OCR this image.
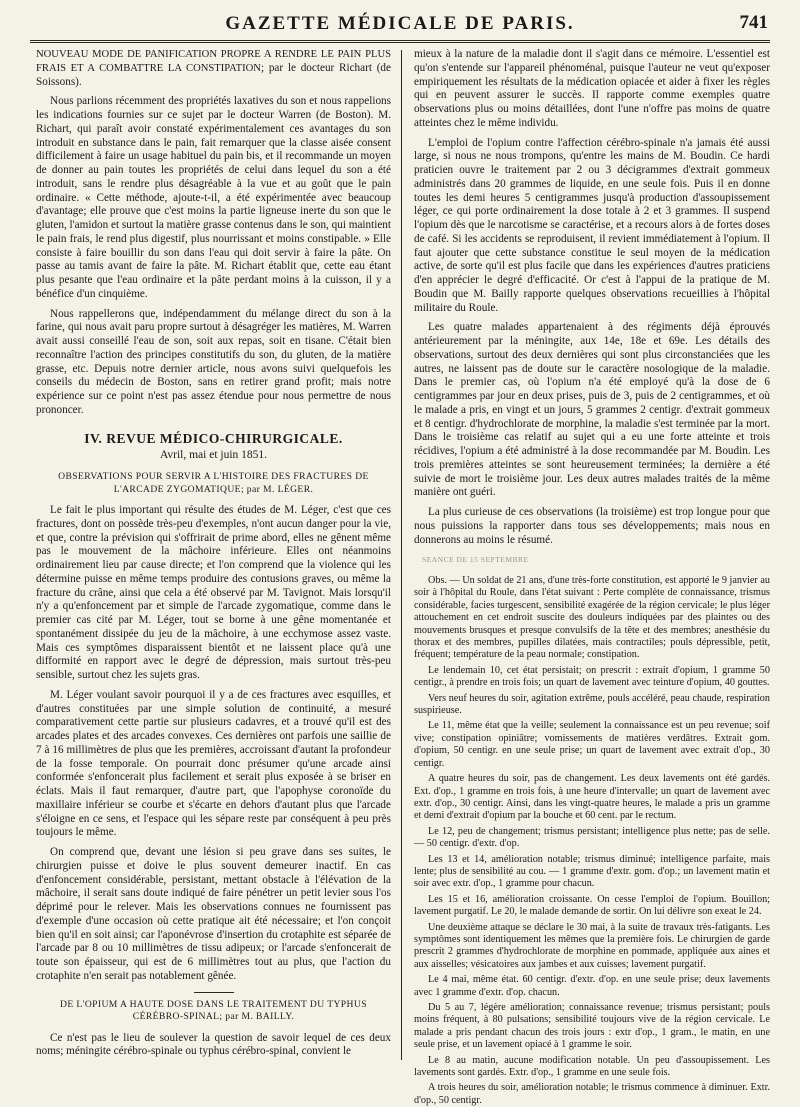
GAZETTE MÉDICALE DE PARIS.	741

NOUVEAU MODE DE PANIFICATION PROPRE A RENDRE LE PAIN PLUS FRAIS ET A COMBATTRE LA CONSTIPATION; par le docteur Richart (de Soissons).

Nous parlions récemment des propriétés laxatives du son et nous rappelions les indications fournies sur ce sujet par le docteur Warren (de Boston). M. Richart, qui paraît avoir constaté expérimentalement ces avantages du son introduit en substance dans le pain, fait remarquer que la classe aisée consent difficilement à faire un usage habituel du pain bis, et il recommande un moyen de donner au pain toutes les propriétés de celui dans lequel du son a été introduit, sans le rendre plus désagréable à la vue et au goût que le pain ordinaire. « Cette méthode, ajoute-t-il, a été expérimentée avec beaucoup d'avantage; elle prouve que c'est moins la partie ligneuse inerte du son que le gluten, l'amidon et surtout la matière grasse contenus dans le son, qui maintient le pain frais, le rend plus digestif, plus nourrissant et moins constipable. » Elle consiste à faire bouillir du son dans l'eau qui doit servir à faire la pâte. On passe au tamis avant de faire la pâte. M. Richart établit que, cette eau étant plus pesante que l'eau ordinaire et la pâte perdant moins à la cuisson, il y a bénéfice d'un cinquième.

Nous rappellerons que, indépendamment du mélange direct du son à la farine, qui nous avait paru propre surtout à désagréger les matières, M. Warren avait aussi conseillé l'eau de son, soit aux repas, soit en tisane. C'était bien reconnaître l'action des principes constitutifs du son, du gluten, de la matière grasse, etc. Depuis notre dernier article, nous avons suivi quelquefois les conseils du médecin de Boston, sans en retirer grand profit; mais notre expérience sur ce point n'est pas assez étendue pour nous permettre de nous prononcer.

IV. REVUE MÉDICO-CHIRURGICALE.
Avril, mai et juin 1851.
OBSERVATIONS POUR SERVIR A L'HISTOIRE DES FRACTURES DE L'ARCADE ZYGOMATIQUE; par M. LÉGER.

Le fait le plus important qui résulte des études de M. Léger, c'est que ces fractures, dont on possède très-peu d'exemples, n'ont aucun danger pour la vie, et que, contre la prévision qui s'offrirait de prime abord, elles ne gênent même pas le mouvement de la mâchoire inférieure. Elles ont néanmoins ordinairement lieu par cause directe; et l'on comprend que la violence qui les détermine puisse en même temps produire des contusions graves, ou même la fracture du crâne, ainsi que cela a été observé par M. Tavignot. Mais lorsqu'il n'y a qu'enfoncement par et simple de l'arcade zygomatique, comme dans le premier cas cité par M. Léger, tout se borne à une gêne momentanée et spontanément dissipée du jeu de la mâchoire, à une ecchymose assez vaste. Mais ces symptômes disparaissent bientôt et ne laissent place qu'à une difformité en rapport avec le degré de dépression, mais surtout très-peu sensible, surtout chez les sujets gras.

M. Léger voulant savoir pourquoi il y a de ces fractures avec esquilles, et d'autres constituées par une simple solution de continuité, a mesuré comparativement cette partie sur plusieurs cadavres, et a trouvé qu'il est des arcades plates et des arcades convexes. Ces dernières ont parfois une saillie de 7 à 16 millimètres de plus que les premières, accroissant d'autant la profondeur de la fosse temporale. On pourrait donc présumer qu'une arcade ainsi conformée s'enfoncerait plus facilement et serait plus exposée à se briser en éclats. Mais il faut remarquer, d'autre part, que l'apophyse coronoïde du maxillaire inférieur se courbe et s'écarte en dehors d'autant plus que l'arcade s'éloigne en ce sens, et l'espace qui les sépare reste par conséquent à peu près toujours le même.

On comprend que, devant une lésion si peu grave dans ses suites, le chirurgien puisse et doive le plus souvent demeurer inactif. En cas d'enfoncement considérable, persistant, mettant obstacle à l'élévation de la mâchoire, il serait sans doute indiqué de faire pénétrer un petit levier sous l'os déprimé pour le relever. Mais les observations connues ne fournissent pas d'exemple d'une occasion où cette pratique ait été nécessaire; et l'on conçoit bien qu'il en soit ainsi; car l'aponévrose d'insertion du crotaphite est séparée de l'arcade par 8 ou 10 millimètres de tissu adipeux; or l'arcade s'enfoncerait de toute son épaisseur, qui est de 6 millimètres tout au plus, que l'action du crotaphite n'en serait pas notablement gênée.

DE L'OPIUM A HAUTE DOSE DANS LE TRAITEMENT DU TYPHUS CÉRÉBRO-SPINAL; par M. BAILLY.

Ce n'est pas le lieu de soulever la question de savoir lequel de ces deux noms; méningite cérébro-spinale ou typhus cérébro-spinal, convient le

mieux à la nature de la maladie dont il s'agit dans ce mémoire. L'essentiel est qu'on s'entende sur l'appareil phénoménal, puisque l'auteur ne veut qu'exposer empiriquement les résultats de la médication opiacée et aider à fixer les règles qui en peuvent assurer le succès. Il rapporte comme exemples quatre observations plus ou moins détaillées, dont l'une n'offre pas moins de quatre atteintes chez le même individu.

L'emploi de l'opium contre l'affection cérébro-spinale n'a jamais été aussi large, si nous ne nous trompons, qu'entre les mains de M. Boudin. Ce hardi praticien ouvre le traitement par 2 ou 3 décigrammes d'extrait gommeux administrés dans 20 grammes de liquide, en une seule fois. Puis il en donne toutes les demi heures 5 centigrammes jusqu'à production d'assoupissement léger, ce qui porte ordinairement la dose totale à 2 et 3 grammes. Il suspend l'opium dès que le narcotisme se caractérise, et a recours alors à de fortes doses de café. Si les accidents se reproduisent, il revient immédiatement à l'opium. Il faut ajouter que cette substance constitue le seul moyen de la médication active, de sorte qu'il est plus facile que dans les expériences d'autres praticiens d'en apprécier le degré d'efficacité. Or c'est à l'appui de la pratique de M. Boudin que M. Bailly rapporte quelques observations recueillies à l'hôpital militaire du Roule.

Les quatre malades appartenaient à des régiments déjà éprouvés antérieurement par la méningite, aux 14e, 18e et 69e. Les détails des observations, surtout des deux dernières qui sont plus circonstanciées que les autres, ne laissent pas de doute sur le caractère nosologique de la maladie. Dans le premier cas, où l'opium n'a été employé qu'à la dose de 6 centigrammes par jour en deux prises, puis de 3, puis de 2 centigrammes, et où le malade a pris, en vingt et un jours, 5 grammes 2 centigr. d'extrait gommeux et 8 centigr. d'hydrochlorate de morphine, la maladie s'est terminée par la mort. Dans le troisième cas relatif au sujet qui a eu une forte atteinte et trois récidives, l'opium a été administré à la dose recommandée par M. Boudin. Les trois premières atteintes se sont heureusement terminées; la dernière a été suivie de mort le troisième jour. Les deux autres malades traités de la même manière ont guéri.

La plus curieuse de ces observations (la troisième) est trop longue pour que nous puissions la rapporter dans tous ses développements; mais nous en donnerons au moins le résumé.

SEANCE DE 15 SEPTEMBRE

Obs. — Un soldat de 21 ans, d'une très-forte constitution, est apporté le 9 janvier au soir à l'hôpital du Roule, dans l'état suivant : Perte complète de connaissance, trismus considérable, facies turgescent, sensibilité exagérée de la région cervicale; le plus léger attouchement en cet endroit suscite des douleurs indiquées par des plaintes ou des mouvements brusques et presque convulsifs de la tête et des membres; anesthésie du thorax et des membres, pupilles dilatées, mais contractiles; pouls dépressible, petit, fréquent; température de la peau normale; constipation.

Le lendemain 10, cet état persistait; on prescrit : extrait d'opium, 1 gramme 50 centigr., à prendre en trois fois; un quart de lavement avec teinture d'opium, 40 gouttes.

Vers neuf heures du soir, agitation extrême, pouls accéléré, peau chaude, respiration suspirieuse.

Le 11, même état que la veille; seulement la connaissance est un peu revenue; soif vive; constipation opiniâtre; vomissements de matières verdâtres. Extrait gom. d'opium, 50 centigr. en une seule prise; un quart de lavement avec extrait d'op., 30 centigr.

A quatre heures du soir, pas de changement. Les deux lavements ont été gardés. Ext. d'op., 1 gramme en trois fois, à une heure d'intervalle; un quart de lavement avec extr. d'op., 30 centigr. Ainsi, dans les vingt-quatre heures, le malade a pris un gramme et demi d'extrait d'opium par la bouche et 60 cent. par le rectum.

Le 12, peu de changement; trismus persistant; intelligence plus nette; pas de selle. — 50 centigr. d'extr. d'op.

Les 13 et 14, amélioration notable; trismus diminué; intelligence parfaite, mais lente; plus de sensibilité au cou. — 1 gramme d'extr. gom. d'op.; un lavement matin et soir avec extr. d'op., 1 gramme pour chacun.

Les 15 et 16, amélioration croissante. On cesse l'emploi de l'opium. Bouillon; lavement purgatif. Le 20, le malade demande de sortir. On lui délivre son exeat le 24.

Une deuxième attaque se déclare le 30 mai, à la suite de travaux très-fatigants. Les symptômes sont identiquement les mêmes que la première fois. Le chirurgien de garde prescrit 2 grammes d'hydrochlorate de morphine en pommade, appliquée aux aines et aux aisselles; vésicatoires aux jambes et aux cuisses; lavement purgatif.

Le 4 mai, même état. 60 centigr. d'extr. d'op. en une seule prise; deux lavements avec 1 gramme d'extr. d'op. chacun.

Du 5 au 7, légère amélioration; connaissance revenue; trismus persistant; pouls moins fréquent, à 80 pulsations; sensibilité toujours vive de la région cervicale. Le malade a pris pendant chacun des trois jours : extr d'op., 1 gram., le matin, en une seule prise, et un lavement opiacé à 1 gramme le soir.

Le 8 au matin, aucune modification notable. Un peu d'assoupissement. Les lavements sont gardés. Extr. d'op., 1 gramme en une seule fois.

A trois heures du soir, amélioration notable; le trismus commence à diminuer. Extr. d'op., 50 centigr.
